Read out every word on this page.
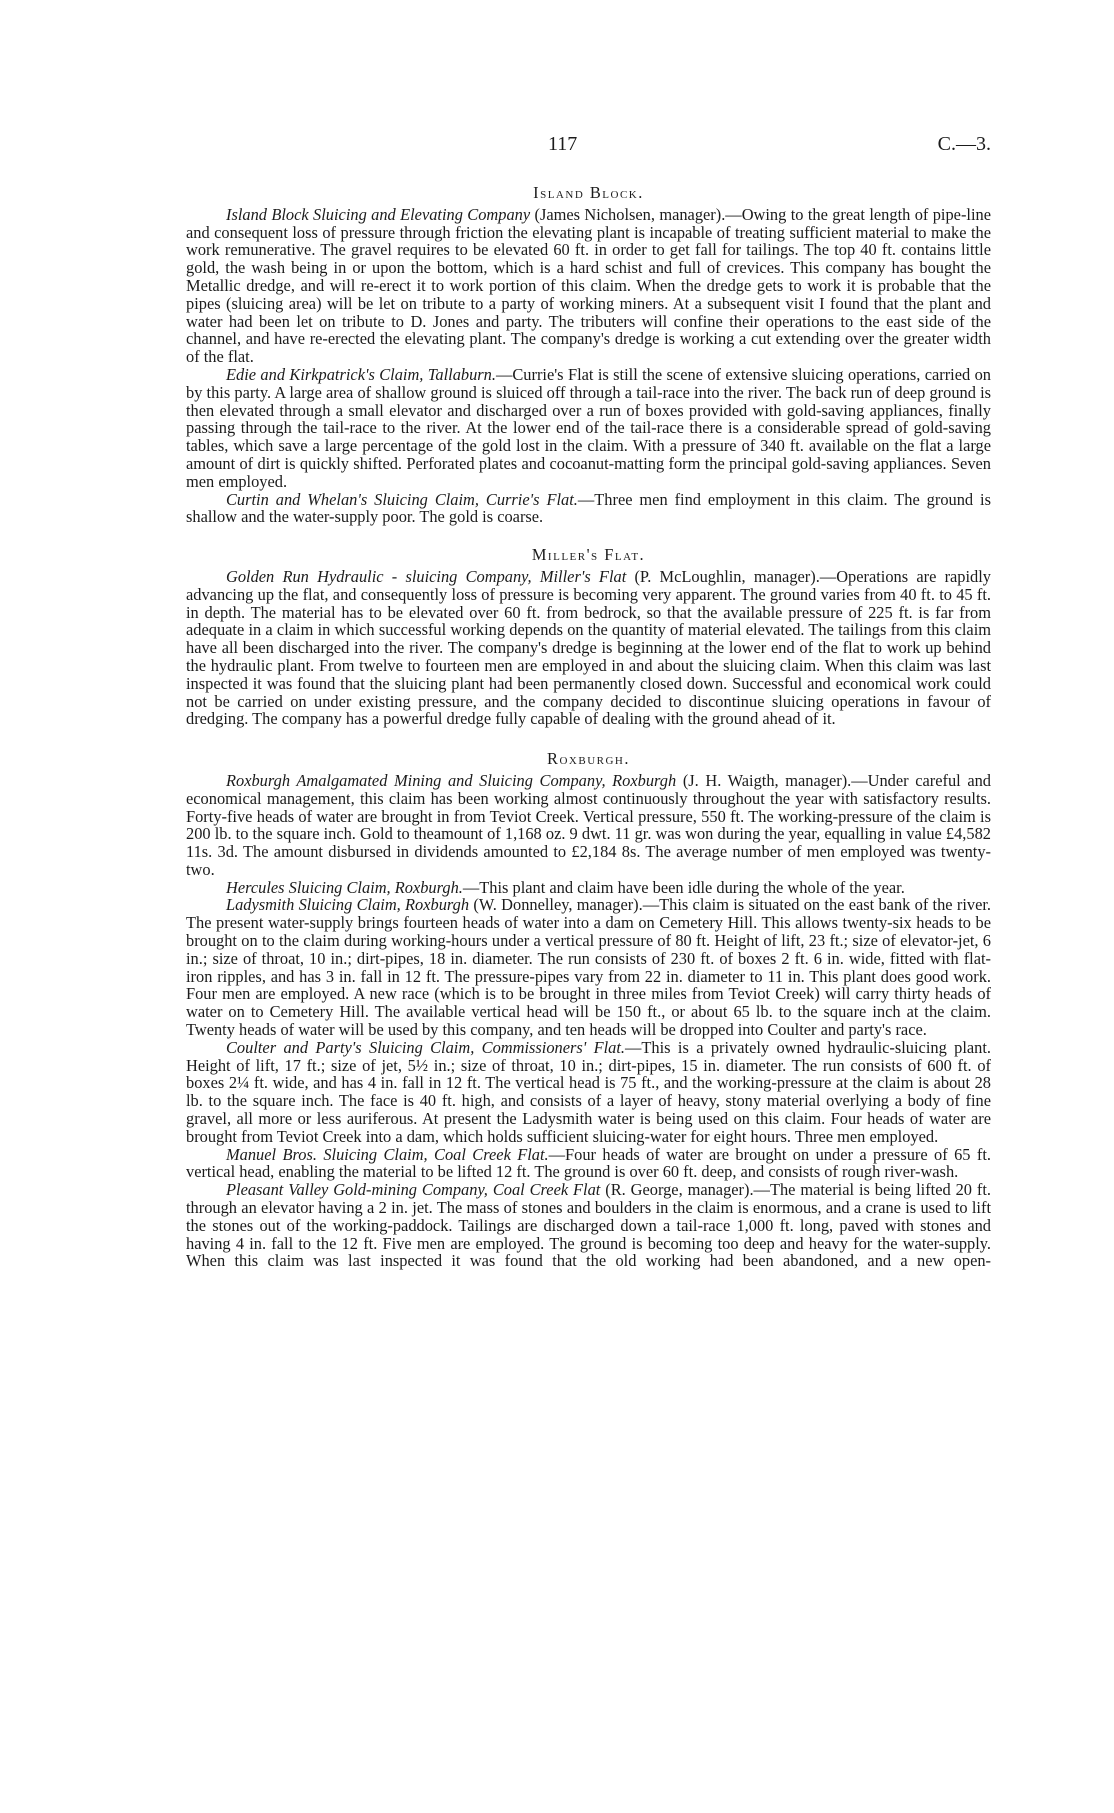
117	C.—3.
Island Block.

Island Block Sluicing and Elevating Company (James Nicholsen, manager).—Owing to the great length of pipe-line and consequent loss of pressure through friction the elevating plant is incapable of treating sufficient material to make the work remunerative. The gravel requires to be elevated 60 ft. in order to get fall for tailings. The top 40 ft. contains little gold, the wash being in or upon the bottom, which is a hard schist and full of crevices. This company has bought the Metallic dredge, and will re-erect it to work portion of this claim. When the dredge gets to work it is probable that the pipes (sluicing area) will be let on tribute to a party of working miners. At a subsequent visit I found that the plant and water had been let on tribute to D. Jones and party. The tributers will confine their operations to the east side of the channel, and have re-erected the elevating plant. The company's dredge is working a cut extending over the greater width of the flat.

Edie and Kirkpatrick's Claim, Tallaburn.—Currie's Flat is still the scene of extensive sluicing operations, carried on by this party. A large area of shallow ground is sluiced off through a tail-race into the river. The back run of deep ground is then elevated through a small elevator and discharged over a run of boxes provided with gold-saving appliances, finally passing through the tail-race to the river. At the lower end of the tail-race there is a considerable spread of gold-saving tables, which save a large percentage of the gold lost in the claim. With a pressure of 340 ft. available on the flat a large amount of dirt is quickly shifted. Perforated plates and cocoanut-matting form the principal gold-saving appliances. Seven men employed.

Curtin and Whelan's Sluicing Claim, Currie's Flat.—Three men find employment in this claim. The ground is shallow and the water-supply poor. The gold is coarse.

Miller's Flat.

Golden Run Hydraulic - sluicing Company, Miller's Flat (P. McLoughlin, manager).—Operations are rapidly advancing up the flat, and consequently loss of pressure is becoming very apparent. The ground varies from 40 ft. to 45 ft. in depth. The material has to be elevated over 60 ft. from bedrock, so that the available pressure of 225 ft. is far from adequate in a claim in which successful working depends on the quantity of material elevated. The tailings from this claim have all been discharged into the river. The company's dredge is beginning at the lower end of the flat to work up behind the hydraulic plant. From twelve to fourteen men are employed in and about the sluicing claim. When this claim was last inspected it was found that the sluicing plant had been permanently closed down. Successful and economical work could not be carried on under existing pressure, and the company decided to discontinue sluicing operations in favour of dredging. The company has a powerful dredge fully capable of dealing with the ground ahead of it.

Roxburgh.

Roxburgh Amalgamated Mining and Sluicing Company, Roxburgh (J. H. Waigth, manager).—Under careful and economical management, this claim has been working almost continuously throughout the year with satisfactory results. Forty-five heads of water are brought in from Teviot Creek. Vertical pressure, 550 ft. The working-pressure of the claim is 200 lb. to the square inch. Gold to theamount of 1,168 oz. 9 dwt. 11 gr. was won during the year, equalling in value £4,582 11s. 3d. The amount disbursed in dividends amounted to £2,184 8s. The average number of men employed was twenty-two.

Hercules Sluicing Claim, Roxburgh.—This plant and claim have been idle during the whole of the year.

Ladysmith Sluicing Claim, Roxburgh (W. Donnelley, manager).—This claim is situated on the east bank of the river. The present water-supply brings fourteen heads of water into a dam on Cemetery Hill. This allows twenty-six heads to be brought on to the claim during working-hours under a vertical pressure of 80 ft. Height of lift, 23 ft.; size of elevator-jet, 6 in.; size of throat, 10 in.; dirt-pipes, 18 in. diameter. The run consists of 230 ft. of boxes 2 ft. 6 in. wide, fitted with flat-iron ripples, and has 3 in. fall in 12 ft. The pressure-pipes vary from 22 in. diameter to 11 in. This plant does good work. Four men are employed. A new race (which is to be brought in three miles from Teviot Creek) will carry thirty heads of water on to Cemetery Hill. The available vertical head will be 150 ft., or about 65 lb. to the square inch at the claim. Twenty heads of water will be used by this company, and ten heads will be dropped into Coulter and party's race.

Coulter and Party's Sluicing Claim, Commissioners' Flat.—This is a privately owned hydraulic-sluicing plant. Height of lift, 17 ft.; size of jet, 5½ in.; size of throat, 10 in.; dirt-pipes, 15 in. diameter. The run consists of 600 ft. of boxes 2¼ ft. wide, and has 4 in. fall in 12 ft. The vertical head is 75 ft., and the working-pressure at the claim is about 28 lb. to the square inch. The face is 40 ft. high, and consists of a layer of heavy, stony material overlying a body of fine gravel, all more or less auriferous. At present the Ladysmith water is being used on this claim. Four heads of water are brought from Teviot Creek into a dam, which holds sufficient sluicing-water for eight hours. Three men employed.

Manuel Bros. Sluicing Claim, Coal Creek Flat.—Four heads of water are brought on under a pressure of 65 ft. vertical head, enabling the material to be lifted 12 ft. The ground is over 60 ft. deep, and consists of rough river-wash.

Pleasant Valley Gold-mining Company, Coal Creek Flat (R. George, manager).—The material is being lifted 20 ft. through an elevator having a 2 in. jet. The mass of stones and boulders in the claim is enormous, and a crane is used to lift the stones out of the working-paddock. Tailings are discharged down a tail-race 1,000 ft. long, paved with stones and having 4 in. fall to the 12 ft. Five men are employed. The ground is becoming too deep and heavy for the water-supply. When this claim was last inspected it was found that the old working had been abandoned, and a new open-
